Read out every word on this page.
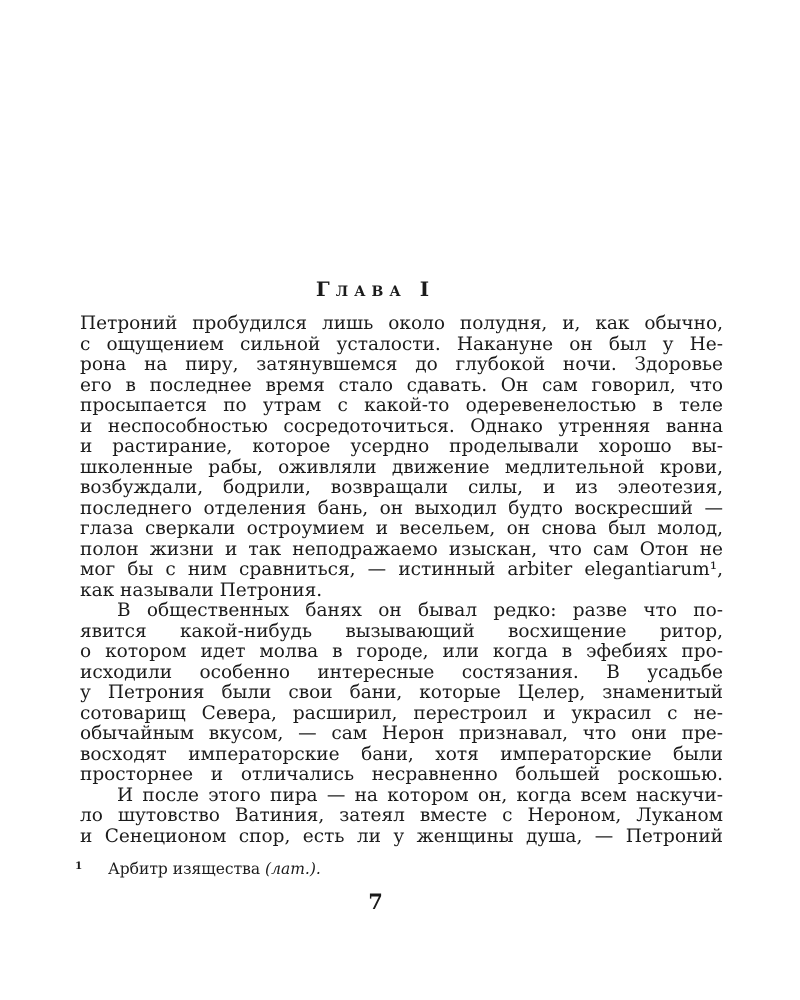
Глава I
Петроний пробудился лишь около полудня, и, как обычно,
с ощущением сильной усталости. Накануне он был у Не-
рона на пиру, затянувшемся до глубокой ночи. Здоровье
его в последнее время стало сдавать. Он сам говорил, что
просыпается по утрам с какой-то одеревенелостью в теле
и неспособностью сосредоточиться. Однако утренняя ванна
и растирание, которое усердно проделывали хорошо вы-
школенные рабы, оживляли движение медлительной крови,
возбуждали, бодрили, возвращали силы, и из элеотезия,
последнего отделения бань, он выходил будто воскресший —
глаза сверкали остроумием и весельем, он снова был молод,
полон жизни и так неподражаемо изыскан, что сам Отон не
мог бы с ним сравниться, — истинный arbiter elegantiarum¹,
как называли Петрония.
В общественных банях он бывал редко: разве что по-
явится какой-нибудь вызывающий восхищение ритор,
о котором идет молва в городе, или когда в эфебиях про-
исходили особенно интересные состязания. В усадьбе
у Петрония были свои бани, которые Целер, знаменитый
сотоварищ Севера, расширил, перестроил и украсил с не-
обычайным вкусом, — сам Нерон признавал, что они пре-
восходят императорские бани, хотя императорские были
просторнее и отличались несравненно большей роскошью.
И после этого пира — на котором он, когда всем наскучи-
ло шутовство Ватиния, затеял вместе с Нероном, Луканом
и Сенеционом спор, есть ли у женщины душа, — Петроний
1 Арбитр изящества (лат.).
7
